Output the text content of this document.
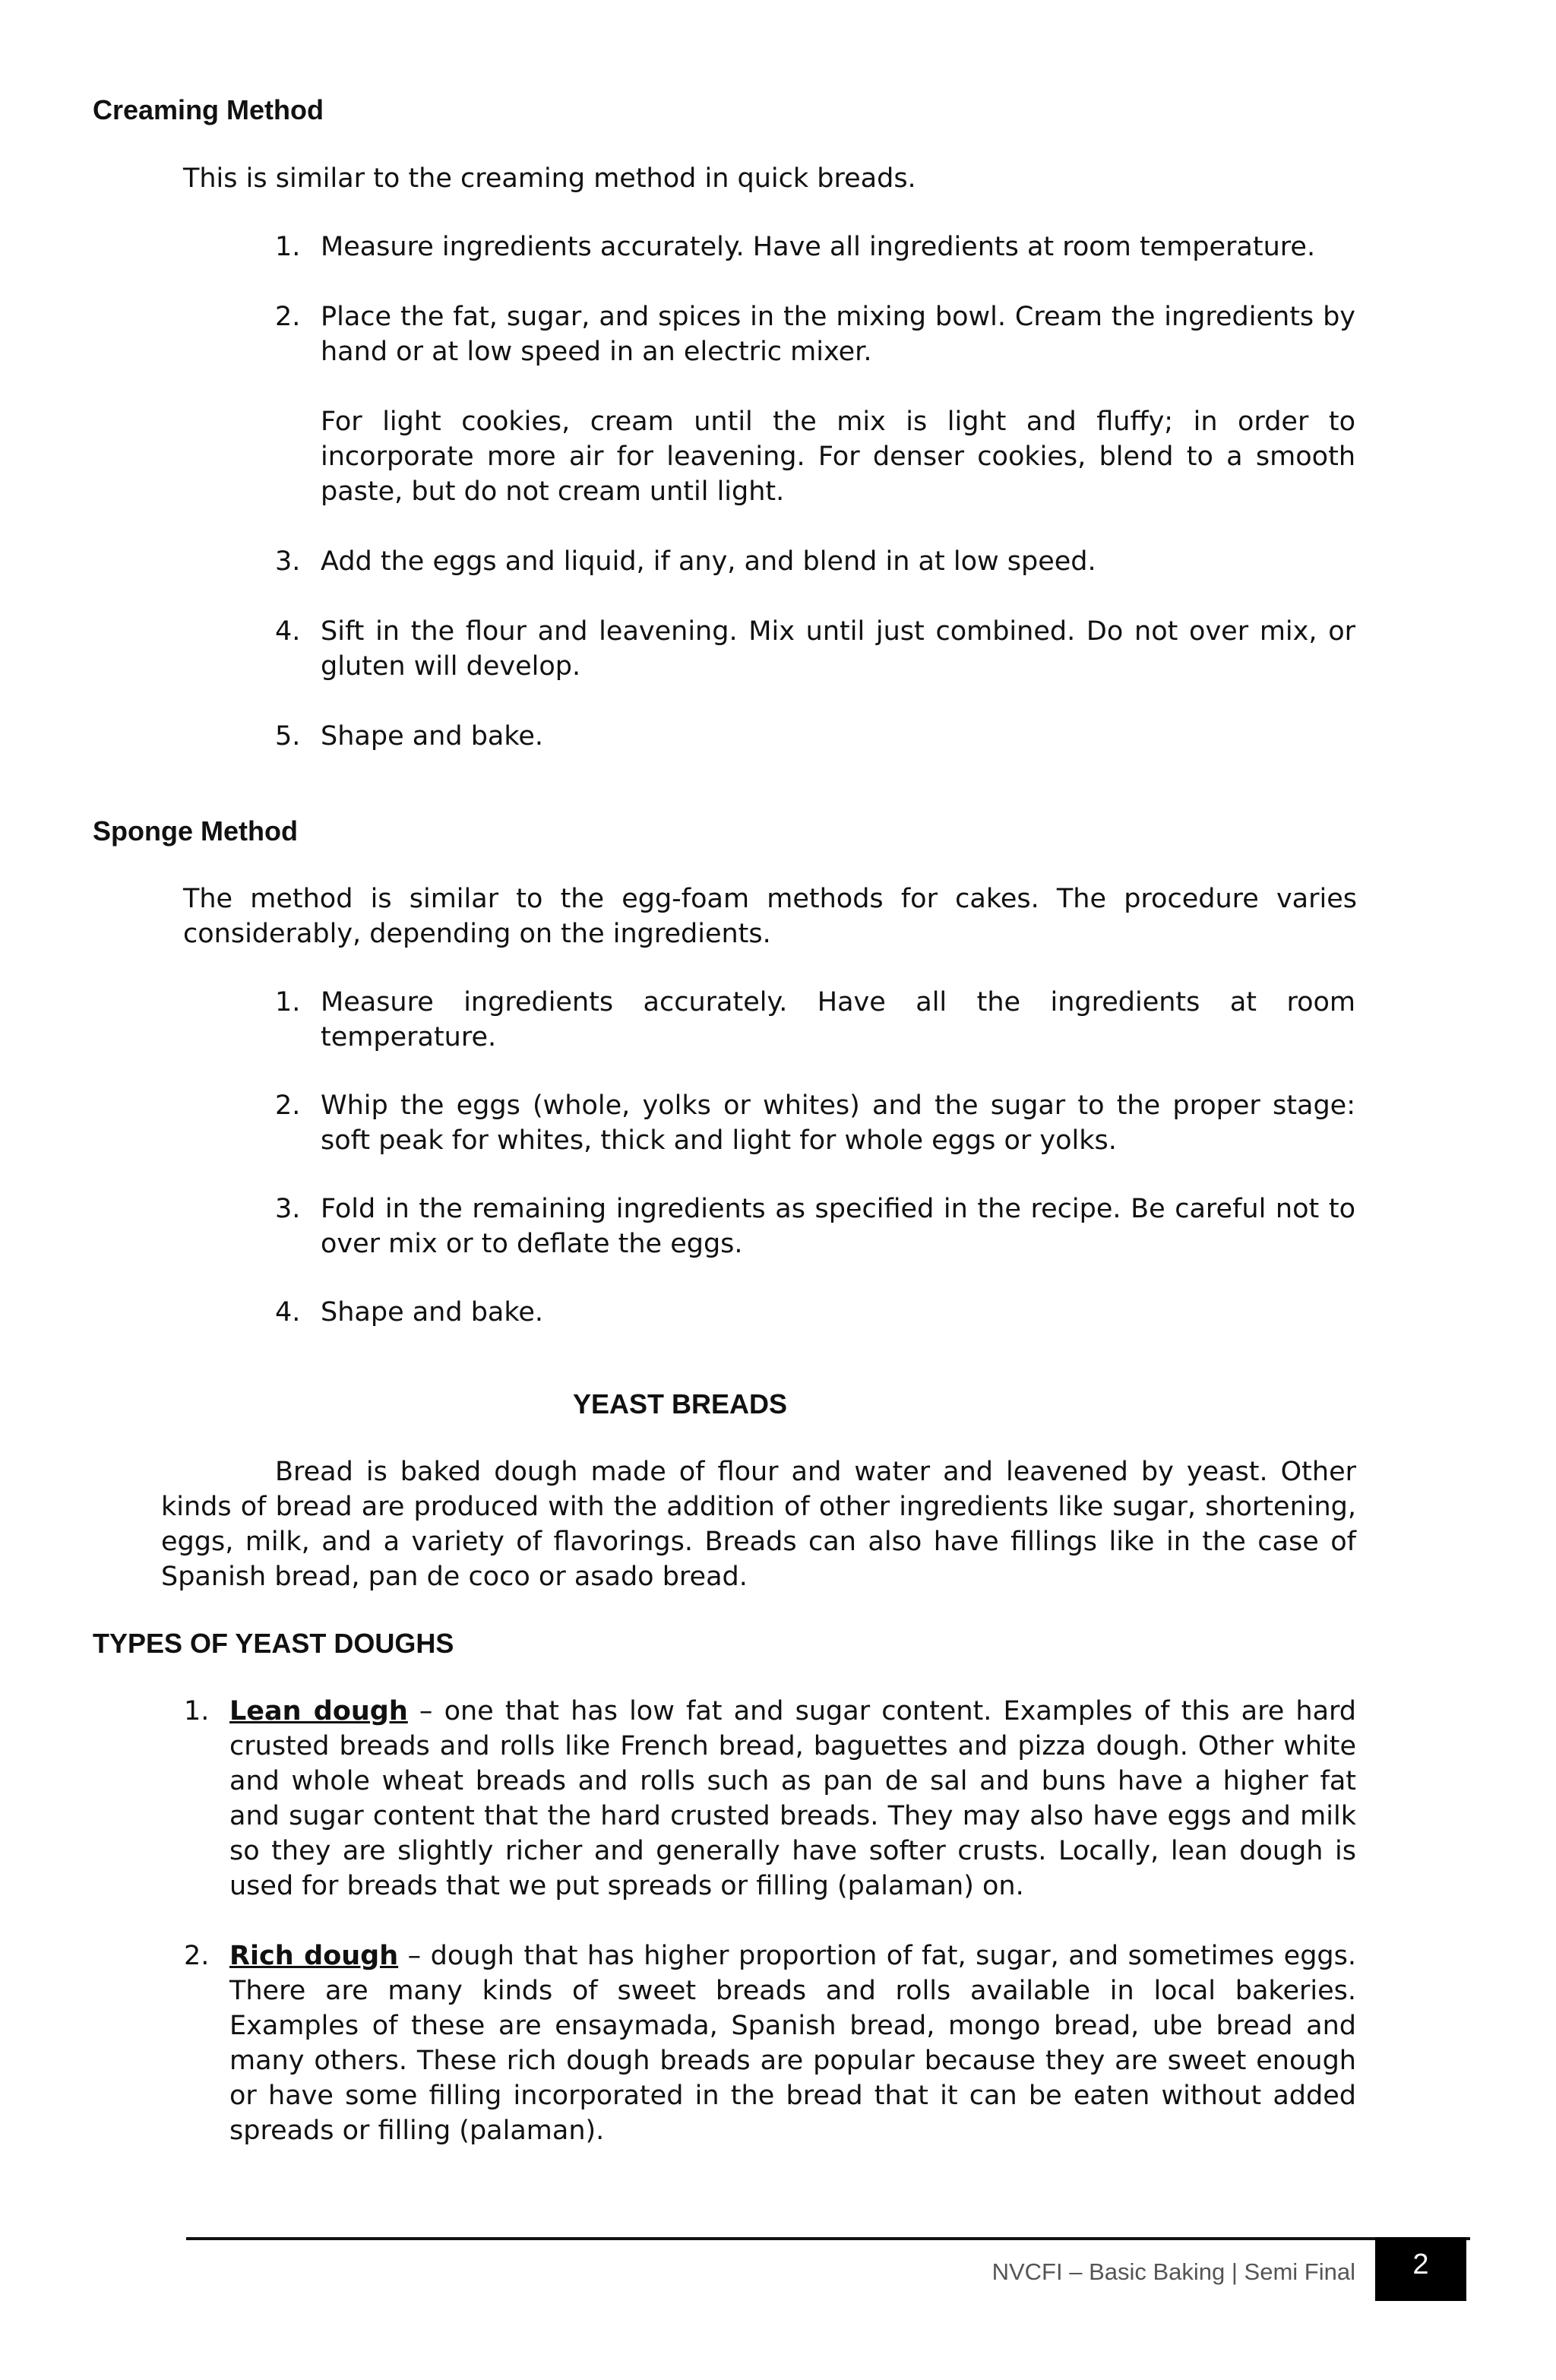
Creaming Method
This is similar to the creaming method in quick breads.
1. Measure ingredients accurately. Have all ingredients at room temperature.

2. Place the fat, sugar, and spices in the mixing bowl. Cream the ingredients by hand or at low speed in an electric mixer.

For light cookies, cream until the mix is light and fluffy; in order to incorporate more air for leavening. For denser cookies, blend to a smooth paste, but do not cream until light.

3. Add the eggs and liquid, if any, and blend in at low speed.

4. Sift in the flour and leavening. Mix until just combined. Do not over mix, or gluten will develop.

5. Shape and bake.

Sponge Method
The method is similar to the egg-foam methods for cakes. The procedure varies considerably, depending on the ingredients.
1. Measure ingredients accurately. Have all the ingredients at room temperature.

2. Whip the eggs (whole, yolks or whites) and the sugar to the proper stage: soft peak for whites, thick and light for whole eggs or yolks.

3. Fold in the remaining ingredients as specified in the recipe. Be careful not to over mix or to deflate the eggs.

4. Shape and bake.

YEAST BREADS
Bread is baked dough made of flour and water and leavened by yeast. Other kinds of bread are produced with the addition of other ingredients like sugar, shortening, eggs, milk, and a variety of flavorings. Breads can also have fillings like in the case of Spanish bread, pan de coco or asado bread.
TYPES OF YEAST DOUGHS
1. Lean dough – one that has low fat and sugar content. Examples of this are hard crusted breads and rolls like French bread, baguettes and pizza dough. Other white and whole wheat breads and rolls such as pan de sal and buns have a higher fat and sugar content that the hard crusted breads. They may also have eggs and milk so they are slightly richer and generally have softer crusts. Locally, lean dough is used for breads that we put spreads or filling (palaman) on.

2. Rich dough – dough that has higher proportion of fat, sugar, and sometimes eggs. There are many kinds of sweet breads and rolls available in local bakeries. Examples of these are ensaymada, Spanish bread, mongo bread, ube bread and many others. These rich dough breads are popular because they are sweet enough or have some filling incorporated in the bread that it can be eaten without added spreads or filling (palaman).

NVCFI – Basic Baking | Semi Final	2
